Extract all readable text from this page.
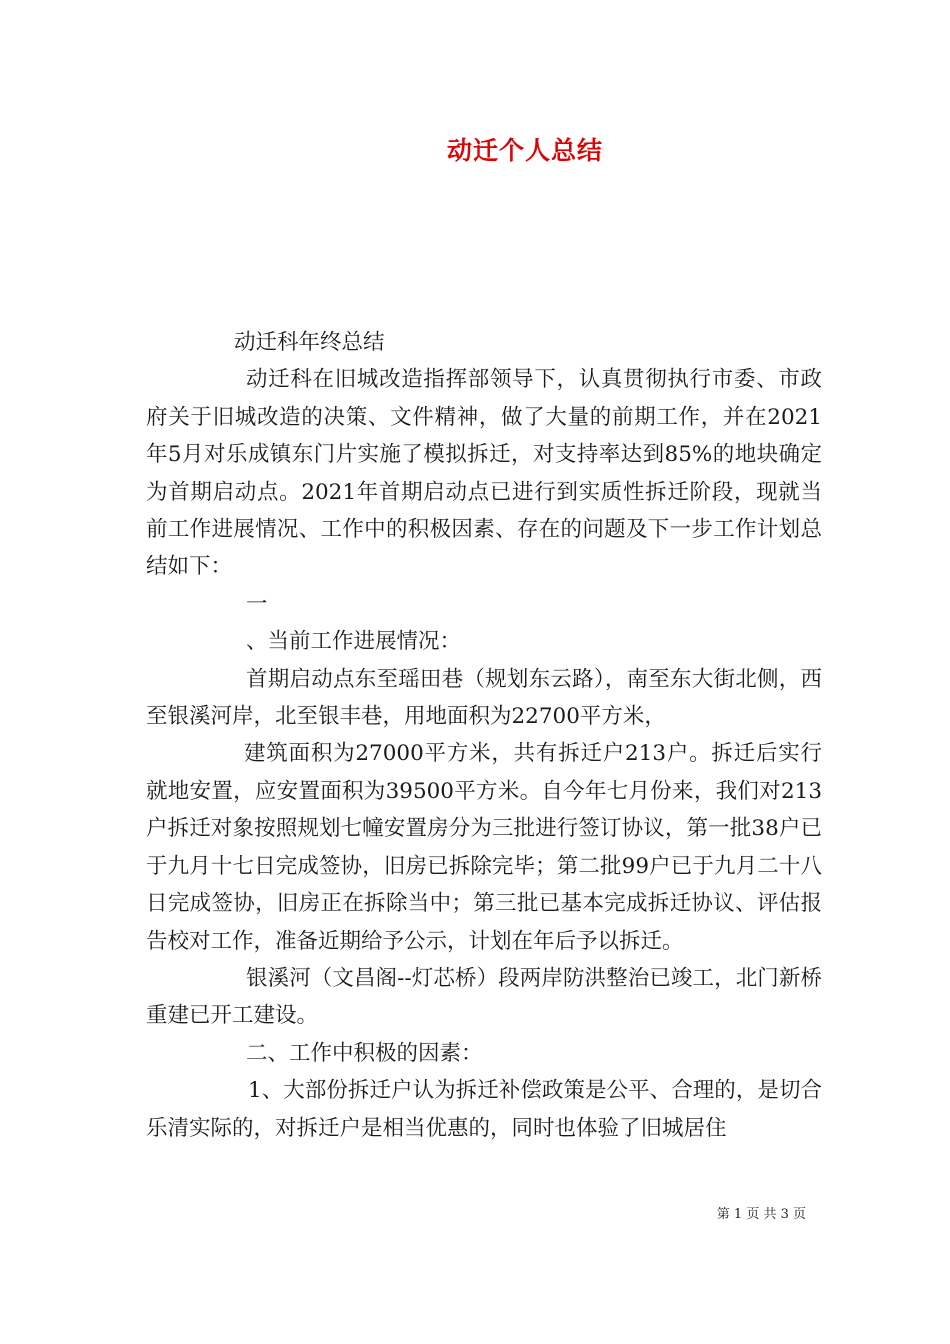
动迁个人总结

动迁科年终总结

动迁科在旧城改造指挥部领导下，认真贯彻执行市委、市政府关于旧城改造的决策、文件精神，做了大量的前期工作，并在2021年5月对乐成镇东门片实施了模拟拆迁，对支持率达到85%的地块确定为首期启动点。2021年首期启动点已进行到实质性拆迁阶段，现就当前工作进展情况、工作中的积极因素、存在的问题及下一步工作计划总结如下：

一

、当前工作进展情况：

首期启动点东至瑶田巷（规划东云路），南至东大街北侧，西至银溪河岸，北至银丰巷，用地面积为22700平方米，

建筑面积为27000平方米，共有拆迁户213户。拆迁后实行就地安置，应安置面积为39500平方米。自今年七月份来，我们对213户拆迁对象按照规划七幢安置房分为三批进行签订协议，第一批38户已于九月十七日完成签协，旧房已拆除完毕；第二批99户已于九月二十八日完成签协，旧房正在拆除当中；第三批已基本完成拆迁协议、评估报告校对工作，准备近期给予公示，计划在年后予以拆迁。

银溪河（文昌阁--灯芯桥）段两岸防洪整治已竣工，北门新桥重建已开工建设。

二、工作中积极的因素：

1、大部份拆迁户认为拆迁补偿政策是公平、合理的，是切合乐清实际的，对拆迁户是相当优惠的，同时也体验了旧城居住

第 1 页 共 3 页
